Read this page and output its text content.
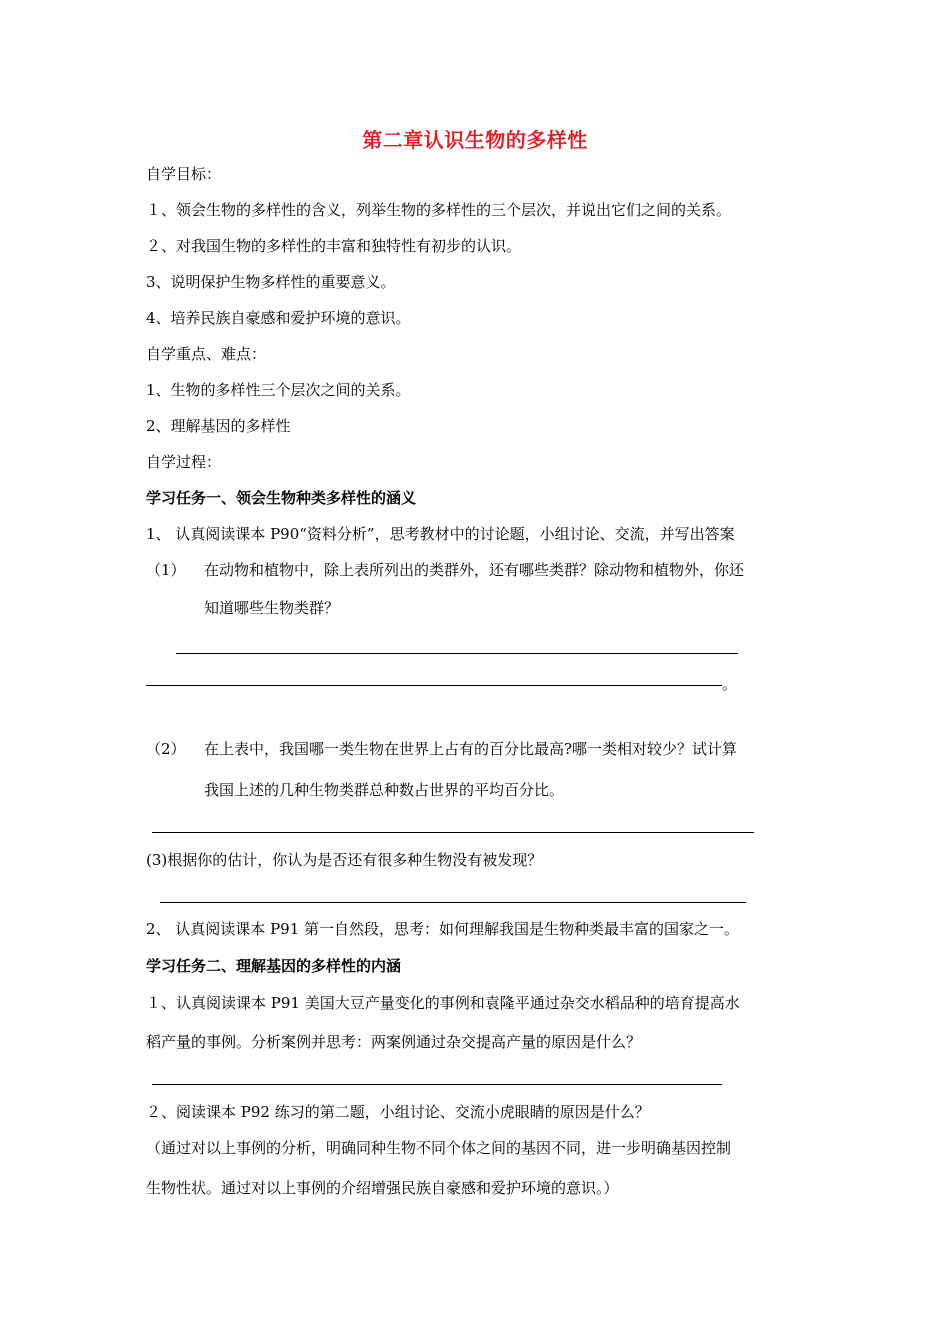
第二章认识生物的多样性
自学目标：
１、领会生物的多样性的含义，列举生物的多样性的三个层次，并说出它们之间的关系。
２、对我国生物的多样性的丰富和独特性有初步的认识。
3、说明保护生物多样性的重要意义。
4、培养民族自豪感和爱护环境的意识。
自学重点、难点：
1、生物的多样性三个层次之间的关系。
2、理解基因的多样性
自学过程：
学习任务一、领会生物种类多样性的涵义
1、 认真阅读课本 P90“资料分析”，思考教材中的讨论题，小组讨论、交流，并写出答案
（1） 在动物和植物中，除上表所列出的类群外，还有哪些类群？除动物和植物外，你还
知道哪些生物类群？
。
（2） 在上表中，我国哪一类生物在世界上占有的百分比最高?哪一类相对较少？试计算
我国上述的几种生物类群总种数占世界的平均百分比。
(3)根据你的估计，你认为是否还有很多种生物没有被发现？
2、 认真阅读课本 P91 第一自然段，思考：如何理解我国是生物种类最丰富的国家之一。
学习任务二、理解基因的多样性的内涵
１、认真阅读课本 P91 美国大豆产量变化的事例和袁隆平通过杂交水稻品种的培育提高水
稻产量的事例。分析案例并思考：两案例通过杂交提高产量的原因是什么？
２、阅读课本 P92 练习的第二题，小组讨论、交流小虎眼睛的原因是什么？
（通过对以上事例的分析，明确同种生物不同个体之间的基因不同，进一步明确基因控制
生物性状。通过对以上事例的介绍增强民族自豪感和爱护环境的意识。）
